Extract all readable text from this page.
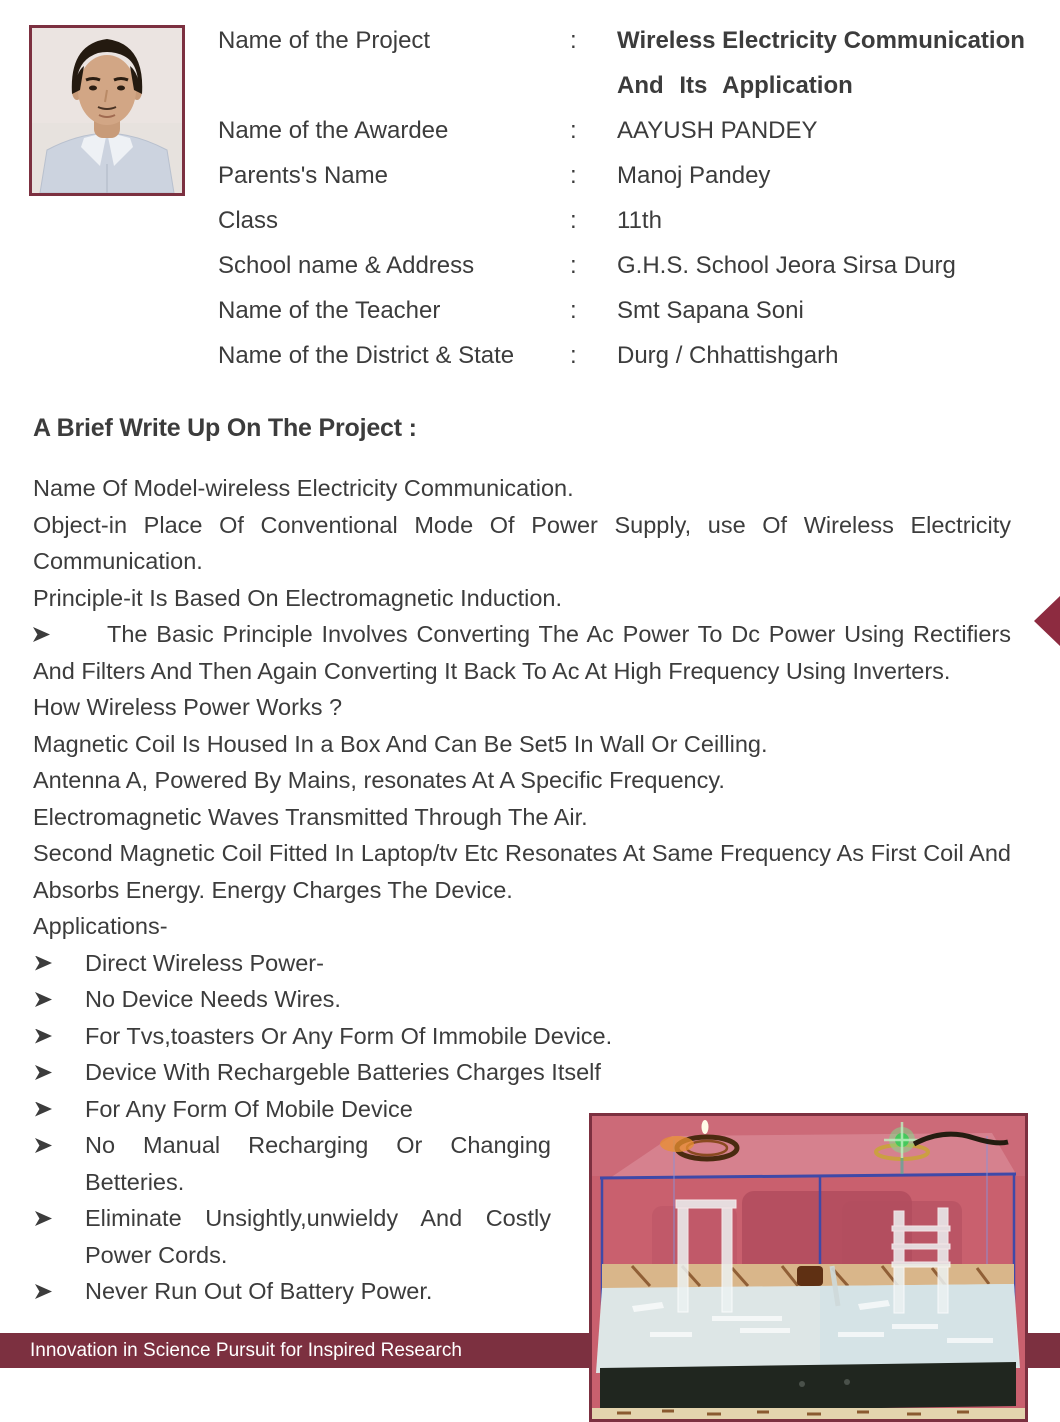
Name of the Project	:	Wireless Electricity Communication
And Its Application
Name of the Awardee	:	AAYUSH PANDEY
Parents's Name	:	Manoj Pandey
Class	:	11th
School name & Address	:	G.H.S. School Jeora Sirsa Durg
Name of the Teacher	:	Smt Sapana Soni
Name of the District & State	:	Durg / Chhattishgarh
A Brief Write Up On The Project :

Name Of Model-wireless Electricity Communication.

Object-in Place Of Conventional Mode Of Power Supply, use Of Wireless Electricity Communication.

Principle-it Is Based On Electromagnetic Induction.

The Basic Principle Involves Converting The Ac Power To Dc Power Using Rectifiers And Filters And Then Again Converting It Back To Ac At High Frequency Using Inverters.

How Wireless Power Works ?

Magnetic Coil Is Housed In a Box And Can Be Set5 In Wall Or Ceilling.

Antenna A, Powered By Mains, resonates At A Specific Frequency.

Electromagnetic Waves Transmitted Through The Air.

Second Magnetic Coil Fitted In Laptop/tv Etc Resonates At Same Frequency As First Coil And Absorbs Energy. Energy Charges The Device.

Applications-

Direct Wireless Power-

No Device Needs Wires.

For Tvs,toasters Or Any Form Of Immobile Device.

Device With Rechargeble Batteries Charges Itself

For Any Form Of Mobile Device

No Manual Recharging Or Changing Betteries.

Eliminate Unsightly,unwieldy And Costly Power Cords.

Never Run Out Of Battery Power.

Innovation in Science Pursuit for Inspired Research
